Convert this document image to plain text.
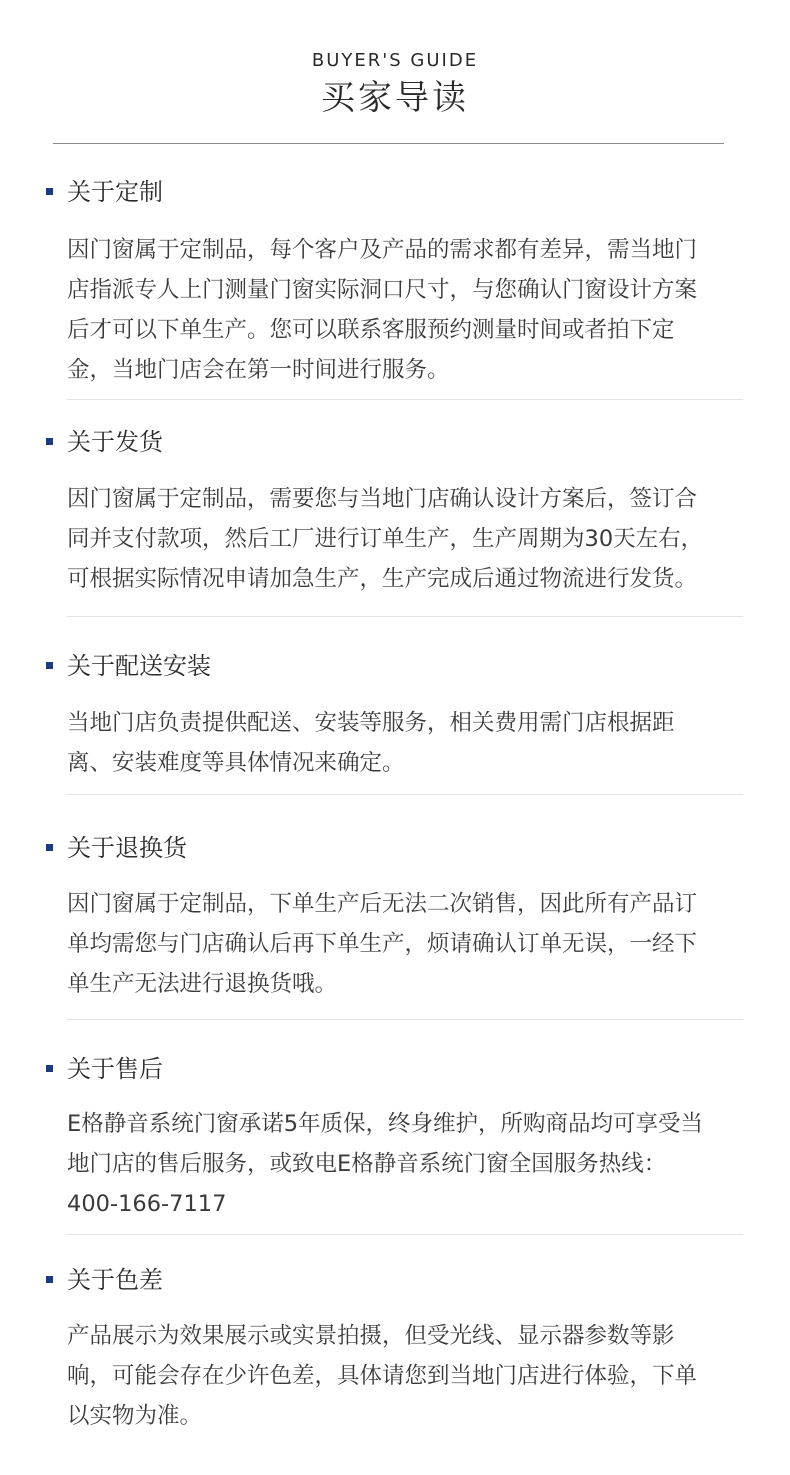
BUYER'S GUIDE
买家导读
关于定制
因门窗属于定制品，每个客户及产品的需求都有差异，需当地门
店指派专人上门测量门窗实际洞口尺寸，与您确认门窗设计方案
后才可以下单生产。您可以联系客服预约测量时间或者拍下定
金，当地门店会在第一时间进行服务。
关于发货
因门窗属于定制品，需要您与当地门店确认设计方案后，签订合
同并支付款项，然后工厂进行订单生产，生产周期为30天左右，
可根据实际情况申请加急生产，生产完成后通过物流进行发货。
关于配送安装
当地门店负责提供配送、安装等服务，相关费用需门店根据距
离、安装难度等具体情况来确定。
关于退换货
因门窗属于定制品，下单生产后无法二次销售，因此所有产品订
单均需您与门店确认后再下单生产，烦请确认订单无误，一经下
单生产无法进行退换货哦。
关于售后
E格静音系统门窗承诺5年质保，终身维护，所购商品均可享受当
地门店的售后服务，或致电E格静音系统门窗全国服务热线：
400-166-7117
关于色差
产品展示为效果展示或实景拍摄，但受光线、显示器参数等影
响，可能会存在少许色差，具体请您到当地门店进行体验，下单
以实物为准。
